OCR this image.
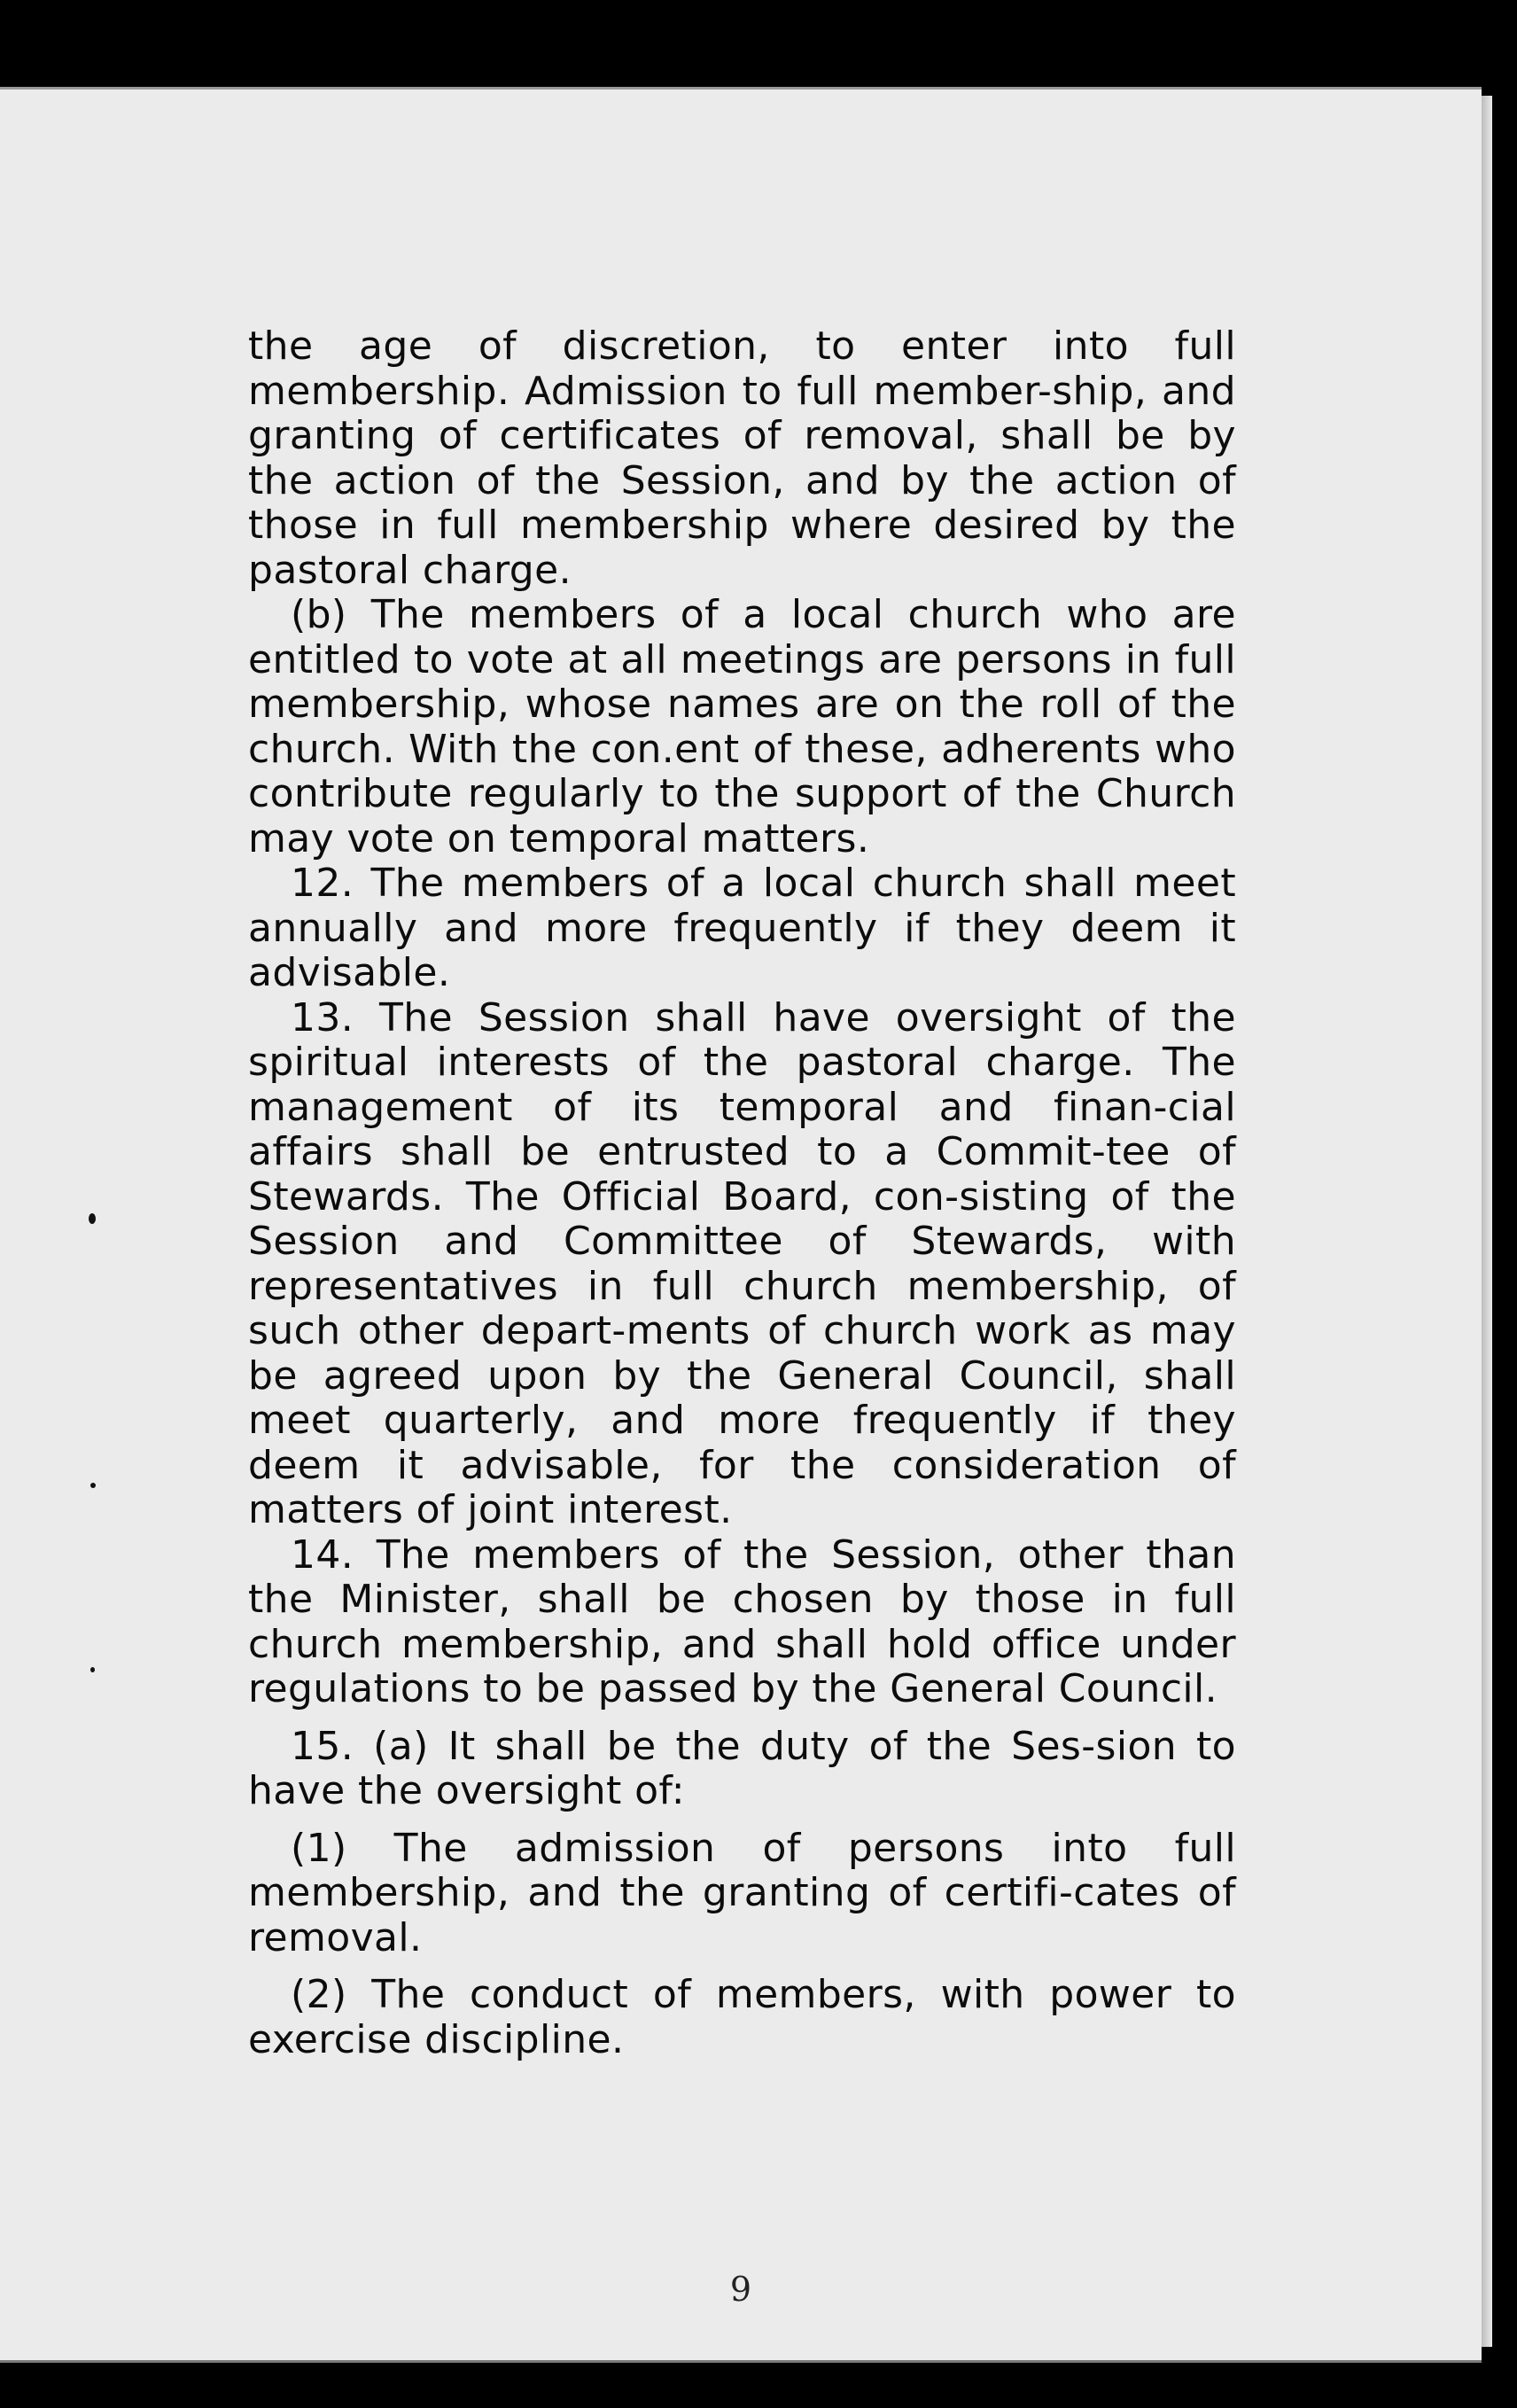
the age of discretion, to enter into full membership. Admission to full member-ship, and granting of certificates of removal, shall be by the action of the Session, and by the action of those in full membership where desired by the pastoral charge.

(b) The members of a local church who are entitled to vote at all meetings are persons in full membership, whose names are on the roll of the church. With the con.ent of these, adherents who contribute regularly to the support of the Church may vote on temporal matters.

12. The members of a local church shall meet annually and more frequently if they deem it advisable.

13. The Session shall have oversight of the spiritual interests of the pastoral charge. The management of its temporal and finan-cial affairs shall be entrusted to a Commit-tee of Stewards. The Official Board, con-sisting of the Session and Committee of Stewards, with representatives in full church membership, of such other depart-ments of church work as may be agreed upon by the General Council, shall meet quarterly, and more frequently if they deem it advisable, for the consideration of matters of joint interest.

14. The members of the Session, other than the Minister, shall be chosen by those in full church membership, and shall hold office under regulations to be passed by the General Council.

15. (a) It shall be the duty of the Ses-sion to have the oversight of:

(1) The admission of persons into full membership, and the granting of certifi-cates of removal.

(2) The conduct of members, with power to exercise discipline.

9
